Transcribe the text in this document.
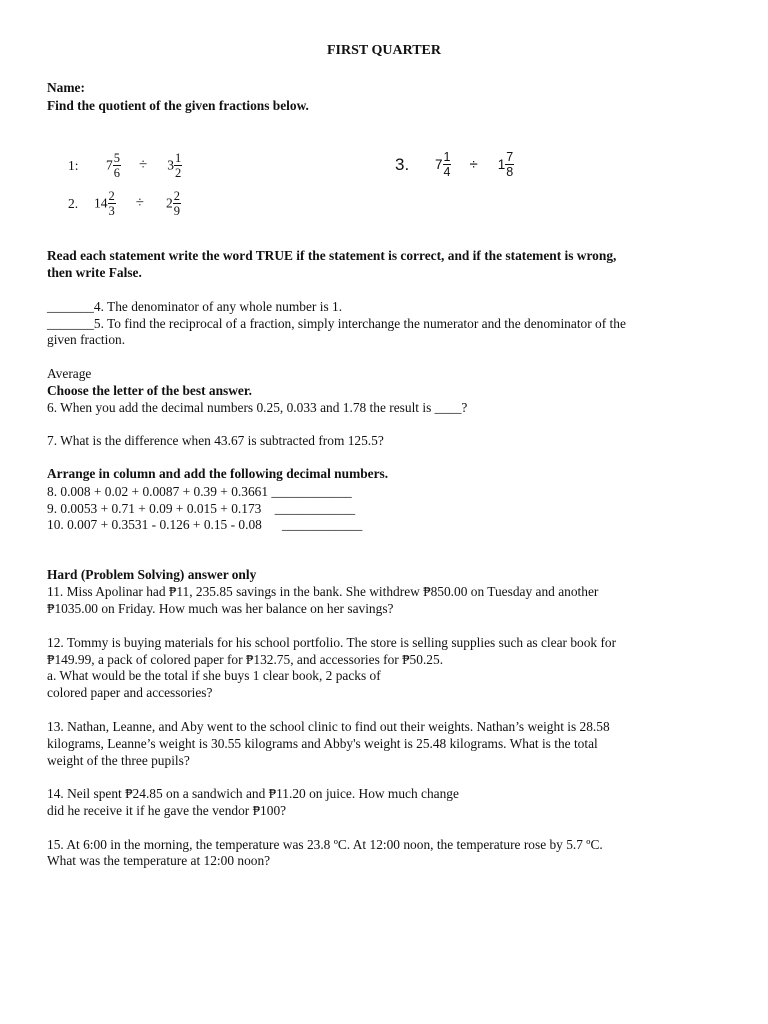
FIRST QUARTER
Name:
Find the quotient of the given fractions below.
1: $7 \frac{5}{6} \div 3 \frac{1}{2}$
2. $14 \frac{2}{3} \div 2 \frac{2}{9}$
3. $7 \frac{1}{4} \div 1 \frac{7}{8}$
Read each statement write the word TRUE if the statement is correct, and if the statement is wrong,
then write False.
_______4. The denominator of any whole number is 1.
_______5. To find the reciprocal of a fraction, simply interchange the numerator and the denominator of the
given fraction.
Average
Choose the letter of the best answer.
6. When you add the decimal numbers 0.25, 0.033 and 1.78 the result is ____?
7. What is the difference when 43.67 is subtracted from 125.5?
Arrange in column and add the following decimal numbers.
8. 0.008 + 0.02 + 0.0087 + 0.39 + 0.3661 ____________
9. 0.0053 + 0.71 + 0.09 + 0.015 + 0.173 ____________
10. 0.007 + 0.3531 - 0.126 + 0.15 - 0.08 ____________
Hard (Problem Solving) answer only
11. Miss Apolinar had ₱11, 235.85 savings in the bank. She withdrew ₱850.00 on Tuesday and another
₱1035.00 on Friday. How much was her balance on her savings?
12. Tommy is buying materials for his school portfolio. The store is selling supplies such as clear book for
₱149.99, a pack of colored paper for ₱132.75, and accessories for ₱50.25.
a. What would be the total if she buys 1 clear book, 2 packs of
colored paper and accessories?
13. Nathan, Leanne, and Aby went to the school clinic to find out their weights. Nathan’s weight is 28.58
kilograms, Leanne’s weight is 30.55 kilograms and Abby's weight is 25.48 kilograms. What is the total
weight of the three pupils?
14. Neil spent ₱24.85 on a sandwich and ₱11.20 on juice. How much change
did he receive it if he gave the vendor ₱100?
15. At 6:00 in the morning, the temperature was 23.8 ºC. At 12:00 noon, the temperature rose by 5.7 ºC.
What was the temperature at 12:00 noon?
